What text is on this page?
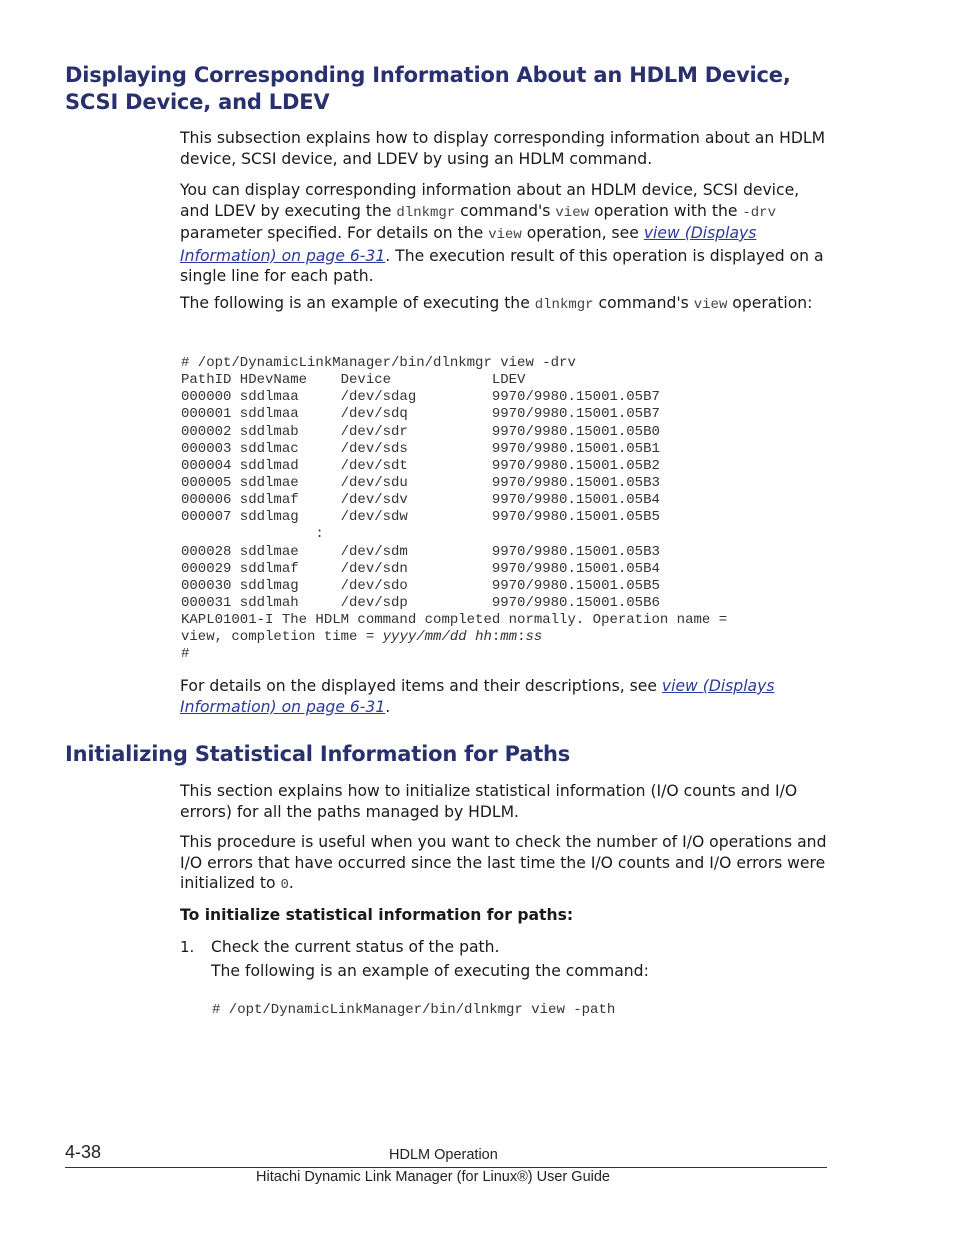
Displaying Corresponding Information About an HDLM Device, SCSI Device, and LDEV

This subsection explains how to display corresponding information about an HDLM device, SCSI device, and LDEV by using an HDLM command.

You can display corresponding information about an HDLM device, SCSI device, and LDEV by executing the dlnkmgr command's view operation with the -drv parameter specified. For details on the view operation, see view (Displays Information) on page 6-31. The execution result of this operation is displayed on a single line for each path.

The following is an example of executing the dlnkmgr command's view operation:

# /opt/DynamicLinkManager/bin/dlnkmgr view -drv
PathID HDevName    Device            LDEV
000000 sddlmaa     /dev/sdag         9970/9980.15001.05B7
000001 sddlmaa     /dev/sdq          9970/9980.15001.05B7
000002 sddlmab     /dev/sdr          9970/9980.15001.05B0
000003 sddlmac     /dev/sds          9970/9980.15001.05B1
000004 sddlmad     /dev/sdt          9970/9980.15001.05B2
000005 sddlmae     /dev/sdu          9970/9980.15001.05B3
000006 sddlmaf     /dev/sdv          9970/9980.15001.05B4
000007 sddlmag     /dev/sdw          9970/9980.15001.05B5
:
000028 sddlmae     /dev/sdm          9970/9980.15001.05B3
000029 sddlmaf     /dev/sdn          9970/9980.15001.05B4
000030 sddlmag     /dev/sdo          9970/9980.15001.05B5
000031 sddlmah     /dev/sdp          9970/9980.15001.05B6
KAPL01001-I The HDLM command completed normally. Operation name =
view, completion time = yyyy/mm/dd hh:mm:ss
#

For details on the displayed items and their descriptions, see view (Displays Information) on page 6-31.

Initializing Statistical Information for Paths

This section explains how to initialize statistical information (I/O counts and I/O errors) for all the paths managed by HDLM.

This procedure is useful when you want to check the number of I/O operations and I/O errors that have occurred since the last time the I/O counts and I/O errors were initialized to 0.

To initialize statistical information for paths:

1. Check the current status of the path.

The following is an example of executing the command:

# /opt/DynamicLinkManager/bin/dlnkmgr view -path
4-38	HDLM Operation
Hitachi Dynamic Link Manager (for Linux®) User Guide
